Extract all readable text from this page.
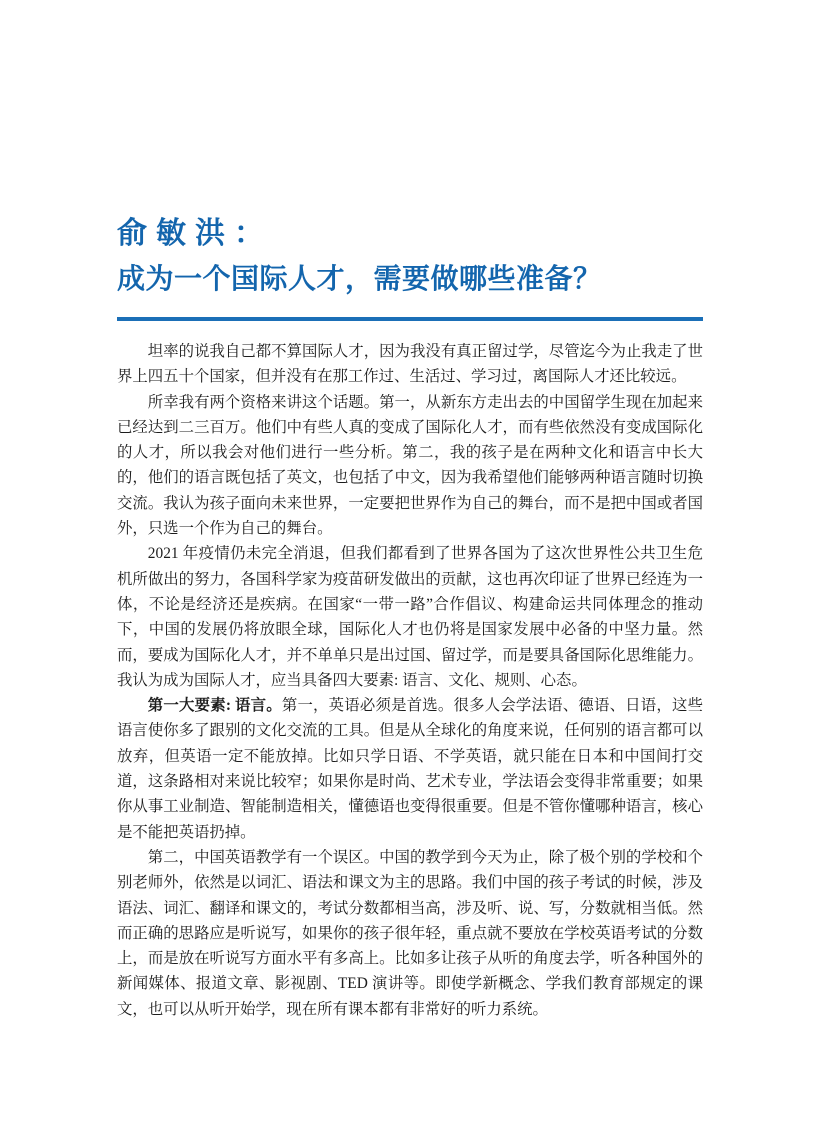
俞敏洪：
成为一个国际人才，需要做哪些准备？

坦率的说我自己都不算国际人才，因为我没有真正留过学，尽管迄今为止我走了世界上四五十个国家，但并没有在那工作过、生活过、学习过，离国际人才还比较远。

所幸我有两个资格来讲这个话题。第一，从新东方走出去的中国留学生现在加起来已经达到二三百万。他们中有些人真的变成了国际化人才，而有些依然没有变成国际化的人才，所以我会对他们进行一些分析。第二，我的孩子是在两种文化和语言中长大的，他们的语言既包括了英文，也包括了中文，因为我希望他们能够两种语言随时切换交流。我认为孩子面向未来世界，一定要把世界作为自己的舞台，而不是把中国或者国外，只选一个作为自己的舞台。

2021 年疫情仍未完全消退，但我们都看到了世界各国为了这次世界性公共卫生危机所做出的努力，各国科学家为疫苗研发做出的贡献，这也再次印证了世界已经连为一体，不论是经济还是疾病。在国家“一带一路”合作倡议、构建命运共同体理念的推动下，中国的发展仍将放眼全球，国际化人才也仍将是国家发展中必备的中坚力量。然而，要成为国际化人才，并不单单只是出过国、留过学，而是要具备国际化思维能力。我认为成为国际人才，应当具备四大要素: 语言、文化、规则、心态。

第一大要素: 语言。第一，英语必须是首选。很多人会学法语、德语、日语，这些语言使你多了跟别的文化交流的工具。但是从全球化的角度来说，任何别的语言都可以放弃，但英语一定不能放掉。比如只学日语、不学英语，就只能在日本和中国间打交道，这条路相对来说比较窄；如果你是时尚、艺术专业，学法语会变得非常重要；如果你从事工业制造、智能制造相关，懂德语也变得很重要。但是不管你懂哪种语言，核心是不能把英语扔掉。

第二，中国英语教学有一个误区。中国的教学到今天为止，除了极个别的学校和个别老师外，依然是以词汇、语法和课文为主的思路。我们中国的孩子考试的时候，涉及语法、词汇、翻译和课文的，考试分数都相当高，涉及听、说、写，分数就相当低。然而正确的思路应是听说写，如果你的孩子很年轻，重点就不要放在学校英语考试的分数上，而是放在听说写方面水平有多高上。比如多让孩子从听的角度去学，听各种国外的新闻媒体、报道文章、影视剧、TED 演讲等。即使学新概念、学我们教育部规定的课文，也可以从听开始学，现在所有课本都有非常好的听力系统。
